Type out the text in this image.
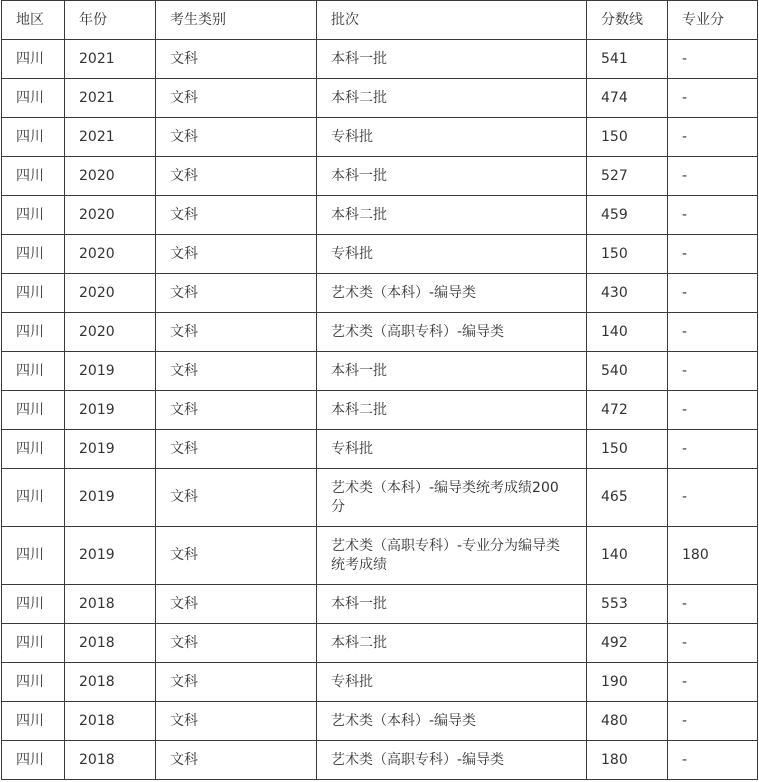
地区	年份	考生类别	批次	分数线	专业分
四川	2021	文科	本科一批	541	-
四川	2021	文科	本科二批	474	-
四川	2021	文科	专科批	150	-
四川	2020	文科	本科一批	527	-
四川	2020	文科	本科二批	459	-
四川	2020	文科	专科批	150	-
四川	2020	文科	艺术类（本科）-编导类	430	-
四川	2020	文科	艺术类（高职专科）-编导类	140	-
四川	2019	文科	本科一批	540	-
四川	2019	文科	本科二批	472	-
四川	2019	文科	专科批	150	-
四川	2019	文科	艺术类（本科）-编导类统考成绩200分	465	-
四川	2019	文科	艺术类（高职专科）-专业分为编导类统考成绩	140	180
四川	2018	文科	本科一批	553	-
四川	2018	文科	本科二批	492	-
四川	2018	文科	专科批	190	-
四川	2018	文科	艺术类（本科）-编导类	480	-
四川	2018	文科	艺术类（高职专科）-编导类	180	-
